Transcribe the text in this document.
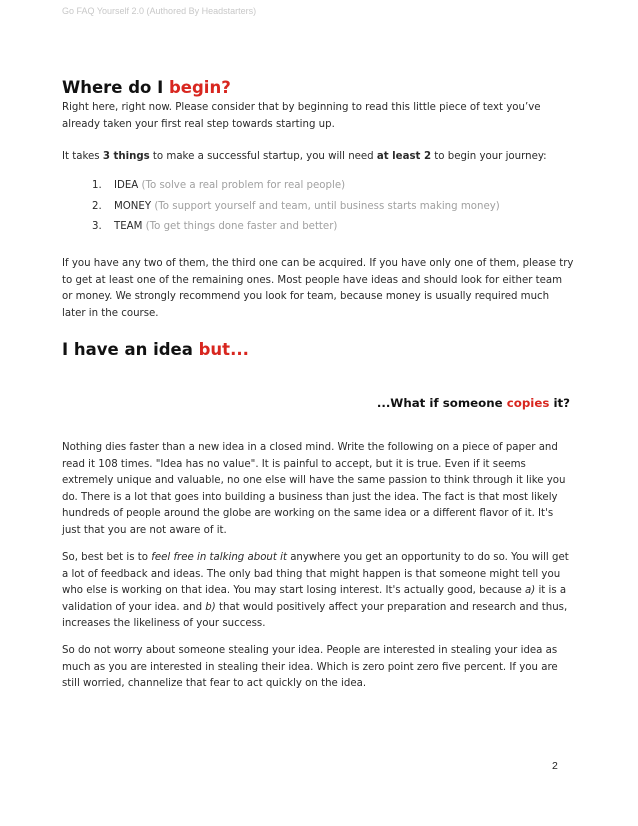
Go FAQ Yourself 2.0 (Authored By Headstarters)
Where do I begin?

Right here, right now. Please consider that by beginning to read this little piece of text you’ve already taken your first real step towards starting up.

It takes 3 things to make a successful startup, you will need at least 2 to begin your journey:

1. IDEA (To solve a real problem for real people)
2. MONEY (To support yourself and team, until business starts making money)
3. TEAM (To get things done faster and better)

If you have any two of them, the third one can be acquired. If you have only one of them, please try to get at least one of the remaining ones. Most people have ideas and should look for either team or money. We strongly recommend you look for team, because money is usually required much later in the course.

I have an idea but...
...What if someone copies it?

Nothing dies faster than a new idea in a closed mind. Write the following on a piece of paper and read it 108 times. "Idea has no value". It is painful to accept, but it is true. Even if it seems extremely unique and valuable, no one else will have the same passion to think through it like you do. There is a lot that goes into building a business than just the idea. The fact is that most likely hundreds of people around the globe are working on the same idea or a different flavor of it. It's just that you are not aware of it.

So, best bet is to feel free in talking about it anywhere you get an opportunity to do so. You will get a lot of feedback and ideas. The only bad thing that might happen is that someone might tell you who else is working on that idea. You may start losing interest. It's actually good, because a) it is a validation of your idea. and b) that would positively affect your preparation and research and thus, increases the likeliness of your success.

So do not worry about someone stealing your idea. People are interested in stealing your idea as much as you are interested in stealing their idea. Which is zero point zero five percent. If you are still worried, channelize that fear to act quickly on the idea.

2
